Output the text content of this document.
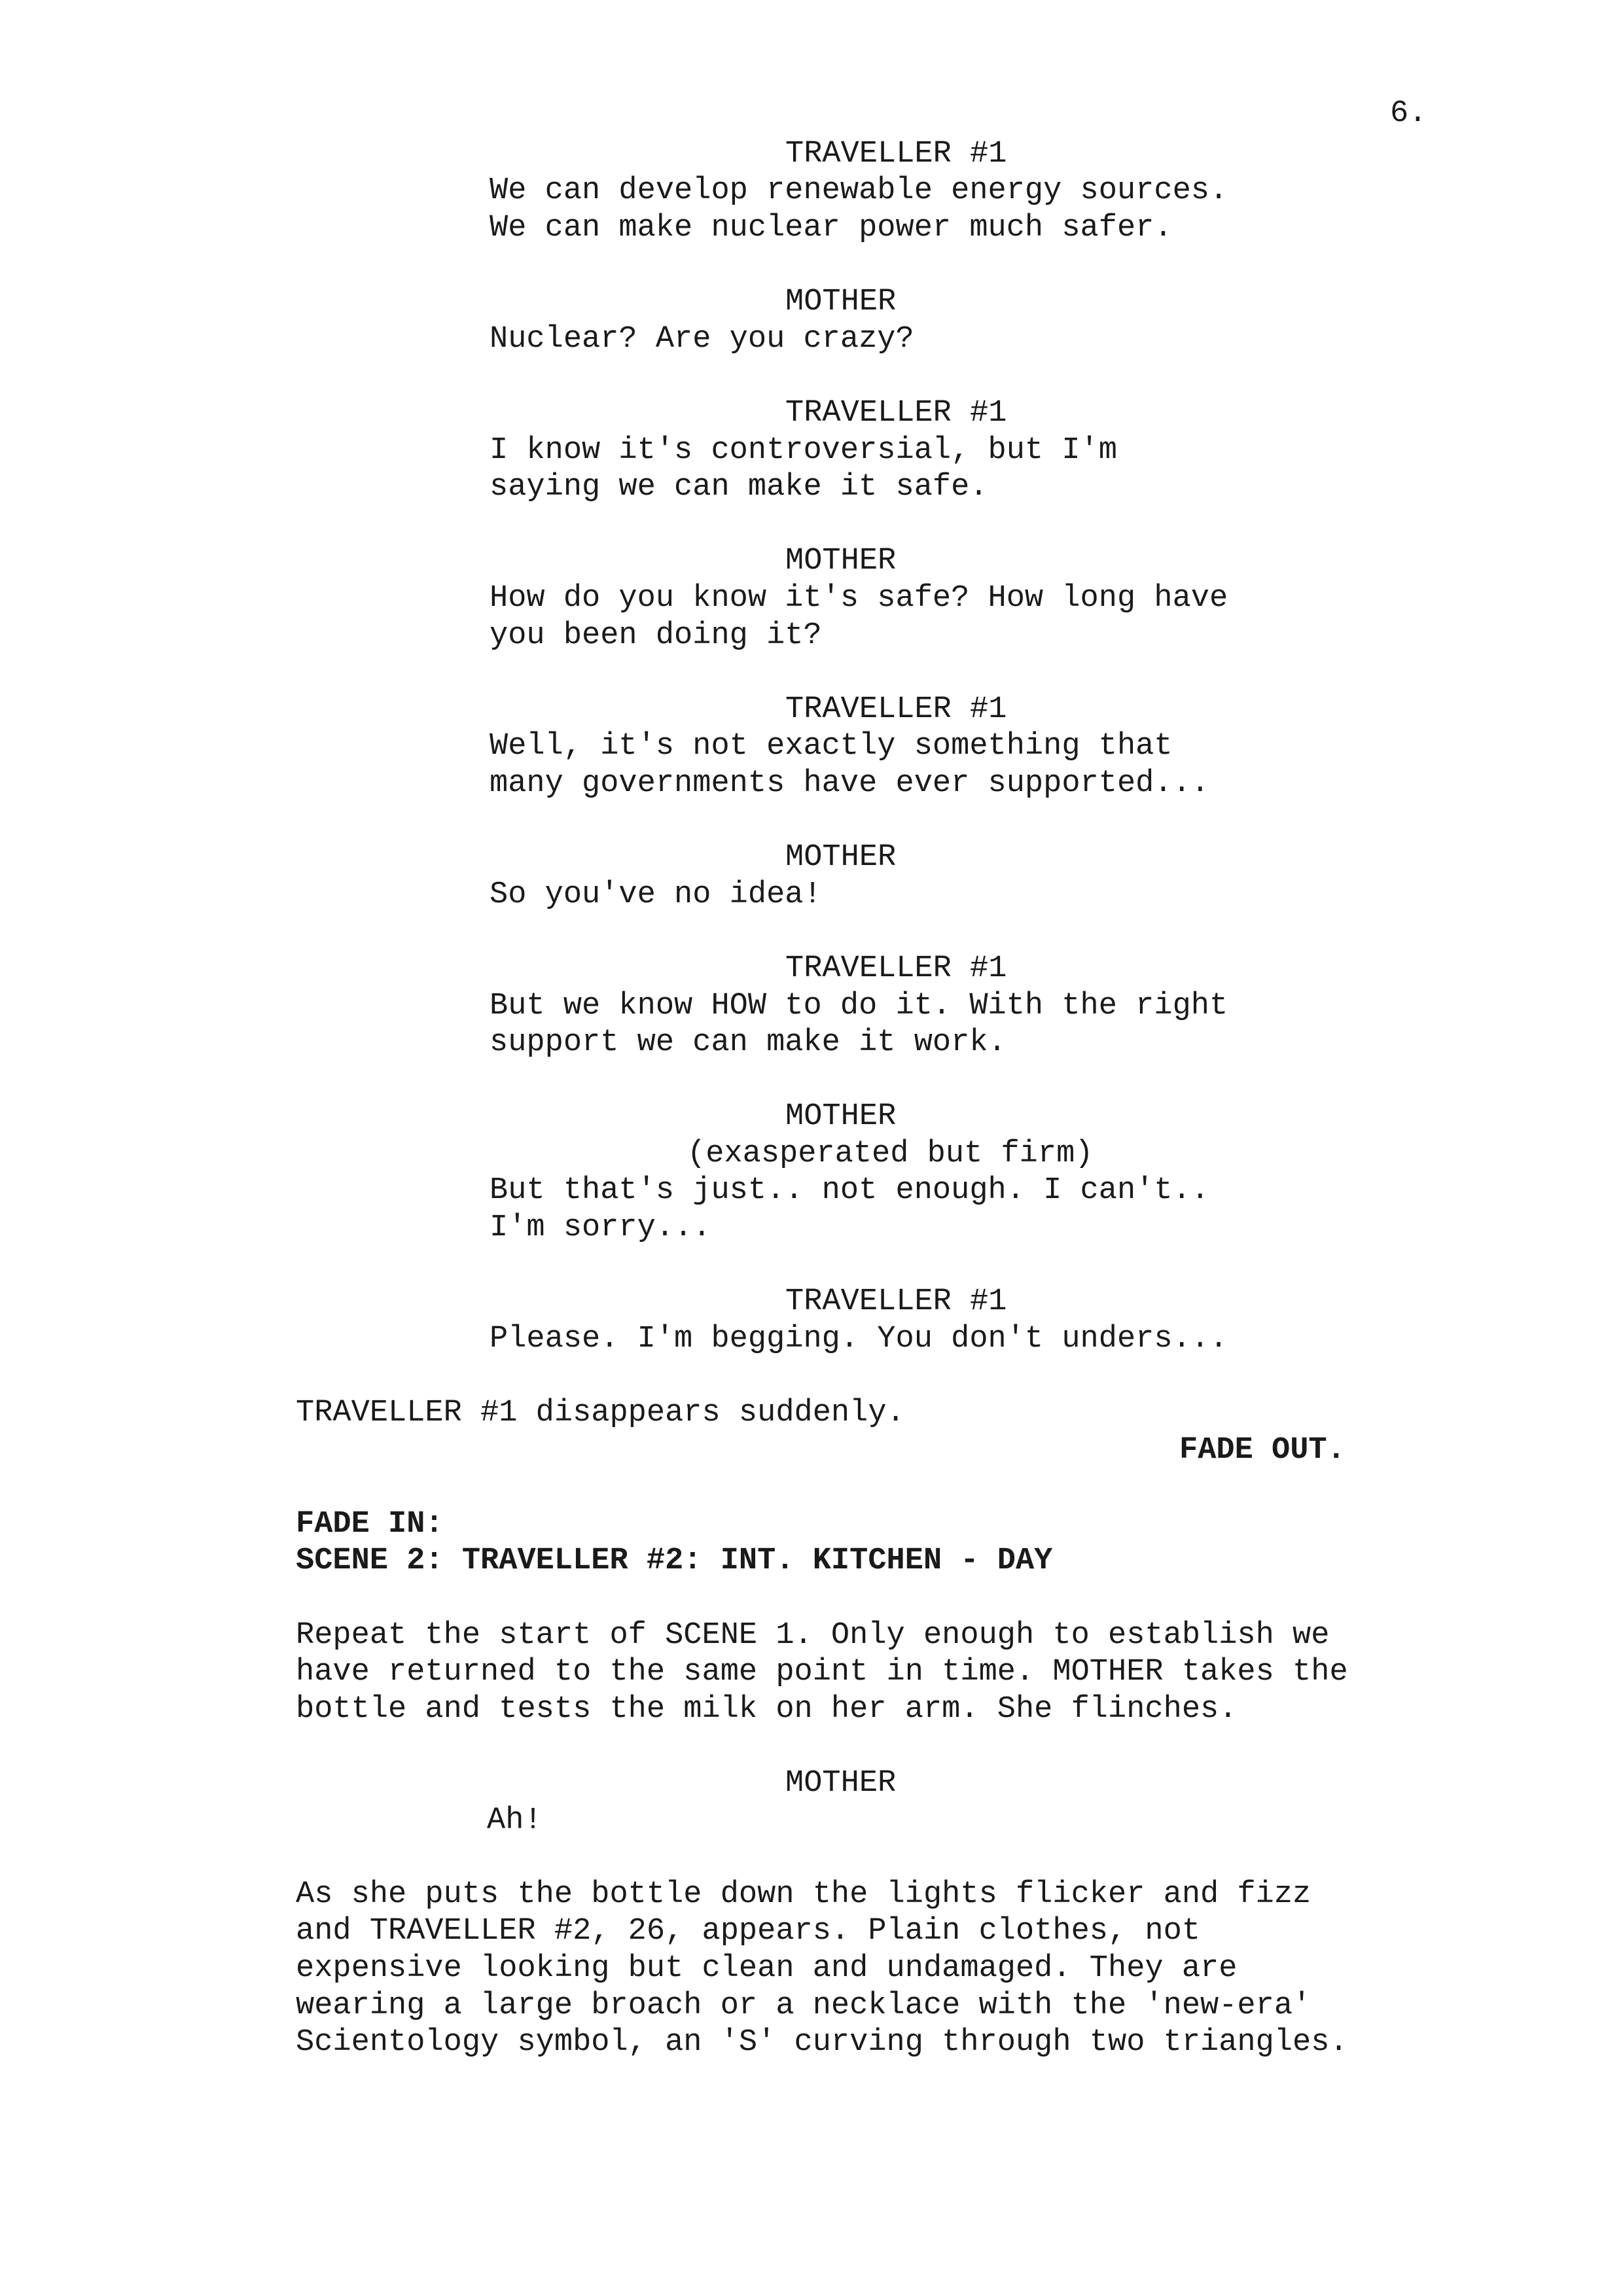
6.
TRAVELLER #1
We can develop renewable energy sources.
We can make nuclear power much safer.
MOTHER
Nuclear? Are you crazy?
TRAVELLER #1
I know it's controversial, but I'm
saying we can make it safe.
MOTHER
How do you know it's safe? How long have
you been doing it?
TRAVELLER #1
Well, it's not exactly something that
many governments have ever supported...
MOTHER
So you've no idea!
TRAVELLER #1
But we know HOW to do it. With the right
support we can make it work.
MOTHER
(exasperated but firm)
But that's just.. not enough. I can't..
I'm sorry...
TRAVELLER #1
Please. I'm begging. You don't unders...
TRAVELLER #1 disappears suddenly.
FADE OUT.
FADE IN:
SCENE 2: TRAVELLER #2: INT. KITCHEN - DAY
Repeat the start of SCENE 1. Only enough to establish we
have returned to the same point in time. MOTHER takes the
bottle and tests the milk on her arm. She flinches.
MOTHER
Ah!
As she puts the bottle down the lights flicker and fizz
and TRAVELLER #2, 26, appears. Plain clothes, not
expensive looking but clean and undamaged. They are
wearing a large broach or a necklace with the 'new-era'
Scientology symbol, an 'S' curving through two triangles.
